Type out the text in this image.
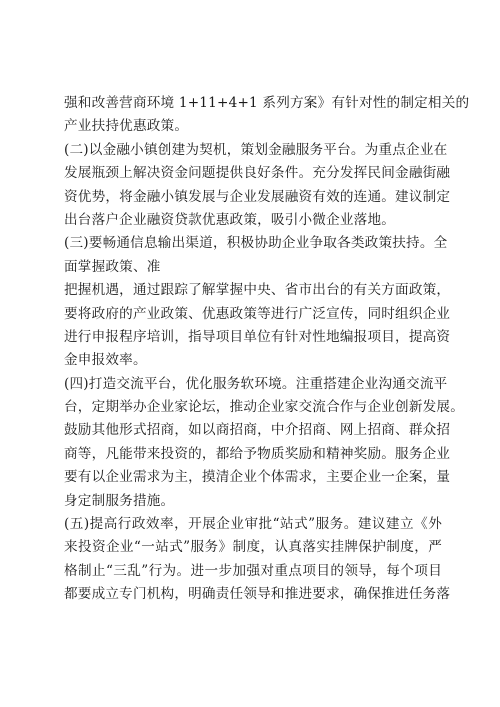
强和改善营商环境 1+11+4+1 系列方案》有针对性的制定相关的
产业扶持优惠政策。
(二)以金融小镇创建为契机，策划金融服务平台。为重点企业在
发展瓶颈上解决资金问题提供良好条件。充分发挥民间金融街融
资优势，将金融小镇发展与企业发展融资有效的连通。建议制定
出台落户企业融资贷款优惠政策，吸引小微企业落地。
(三)要畅通信息输出渠道，积极协助企业争取各类政策扶持。全
面掌握政策、准
把握机遇，通过跟踪了解掌握中央、省市出台的有关方面政策，
要将政府的产业政策、优惠政策等进行广泛宣传，同时组织企业
进行申报程序培训，指导项目单位有针对性地编报项目，提高资
金申报效率。
(四)打造交流平台，优化服务软环境。注重搭建企业沟通交流平
台，定期举办企业家论坛，推动企业家交流合作与企业创新发展。
鼓励其他形式招商，如以商招商，中介招商、网上招商、群众招
商等，凡能带来投资的，都给予物质奖励和精神奖励。服务企业
要有以企业需求为主，摸清企业个体需求，主要企业一企案，量
身定制服务措施。
(五)提高行政效率，开展企业审批“站式”服务。建议建立《外
来投资企业“一站式”服务》制度，认真落实挂牌保护制度，严
格制止“三乱”行为。进一步加强对重点项目的领导，每个项目
都要成立专门机构，明确责任领导和推进要求，确保推进任务落
